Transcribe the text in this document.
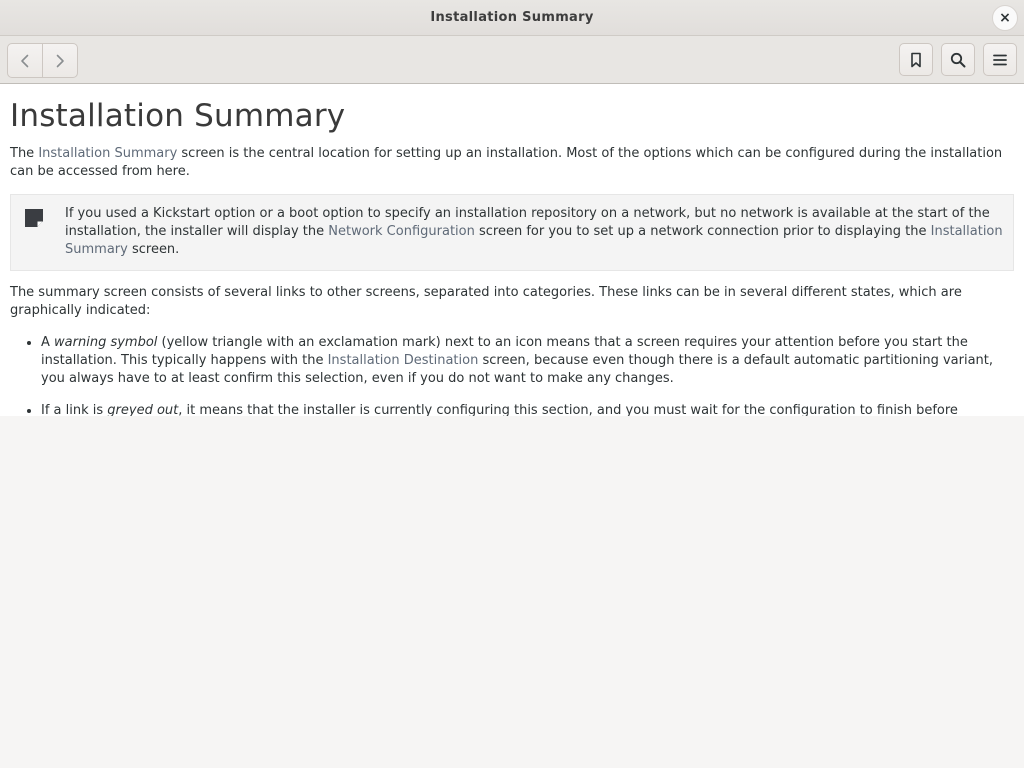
Installation Summary	×
Installation Summary

The Installation Summary screen is the central location for setting up an installation. Most of the options which can be configured during the installation can be accessed from here.

If you used a Kickstart option or a boot option to specify an installation repository on a network, but no network is available at the start of the installation, the installer will display the Network Configuration screen for you to set up a network connection prior to displaying the Installation Summary screen.

The summary screen consists of several links to other screens, separated into categories. These links can be in several different states, which are graphically indicated:

• A warning symbol (yellow triangle with an exclamation mark) next to an icon means that a screen requires your attention before you start the installation. This typically happens with the Installation Destination screen, because even though there is a default automatic partitioning variant, you always have to at least confirm this selection, even if you do not want to make any changes.
• If a link is greyed out, it means that the installer is currently configuring this section, and you must wait for the configuration to finish before
